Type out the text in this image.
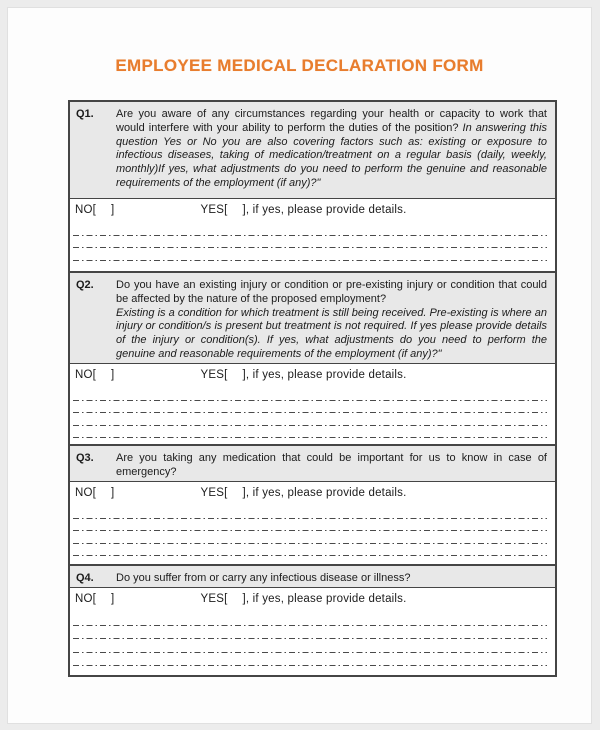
EMPLOYEE MEDICAL DECLARATION FORM
Q1.	Are you aware of any circumstances regarding your health or capacity to work that would interfere with your ability to perform the duties of the position? In answering this question Yes or No you are also covering factors such as: existing or exposure to infectious diseases, taking of medication/treatment on a regular basis (daily, weekly, monthly)If yes, what adjustments do you need to perform the genuine and reasonable requirements of the employment (if any)?"
NO[ ]	YES[ ], if yes, please provide details.
Q2.	Do you have an existing injury or condition or pre-existing injury or condition that could be affected by the nature of the proposed employment?
Existing is a condition for which treatment is still being received. Pre-existing is where an injury or condition/s is present but treatment is not required. If yes please provide details of the injury or condition(s). If yes, what adjustments do you need to perform the genuine and reasonable requirements of the employment (if any)?"
NO[ ]	YES[ ], if yes, please provide details.
Q3.	Are you taking any medication that could be important for us to know in case of emergency?
NO[ ]	YES[ ], if yes, please provide details.
Q4.	Do you suffer from or carry any infectious disease or illness?
NO[ ]	YES[ ], if yes, please provide details.
